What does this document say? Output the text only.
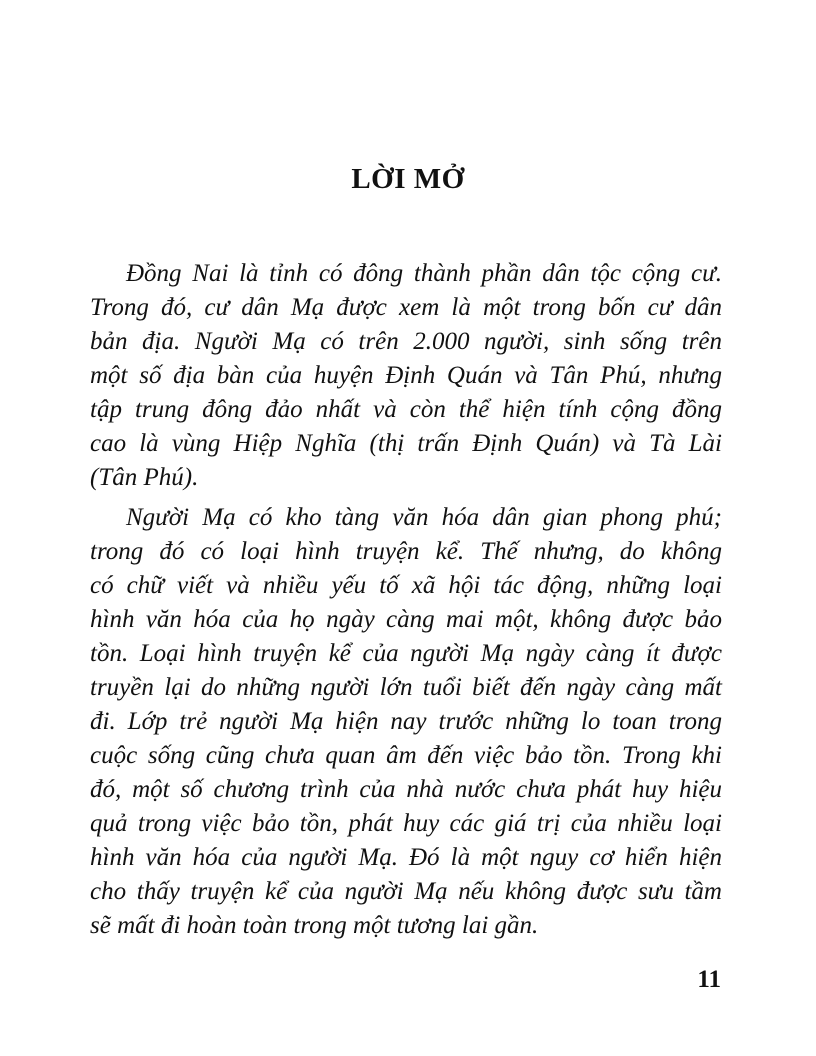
LỜI MỞ

Đồng Nai là tỉnh có đông thành phần dân tộc cộng cư.
Trong đó, cư dân Mạ được xem là một trong bốn cư dân
bản địa. Người Mạ có trên 2.000 người, sinh sống trên
một số địa bàn của huyện Định Quán và Tân Phú, nhưng
tập trung đông đảo nhất và còn thể hiện tính cộng đồng
cao là vùng Hiệp Nghĩa (thị trấn Định Quán) và Tà Lài
(Tân Phú).

Người Mạ có kho tàng văn hóa dân gian phong phú;
trong đó có loại hình truyện kể. Thế nhưng, do không
có chữ viết và nhiều yếu tố xã hội tác động, những loại
hình văn hóa của họ ngày càng mai một, không được bảo
tồn. Loại hình truyện kể của người Mạ ngày càng ít được
truyền lại do những người lớn tuổi biết đến ngày càng mất
đi. Lớp trẻ người Mạ hiện nay trước những lo toan trong
cuộc sống cũng chưa quan âm đến việc bảo tồn. Trong khi
đó, một số chương trình của nhà nước chưa phát huy hiệu
quả trong việc bảo tồn, phát huy các giá trị của nhiều loại
hình văn hóa của người Mạ. Đó là một nguy cơ hiển hiện
cho thấy truyện kể của người Mạ nếu không được sưu tầm
sẽ mất đi hoàn toàn trong một tương lai gần.

11
